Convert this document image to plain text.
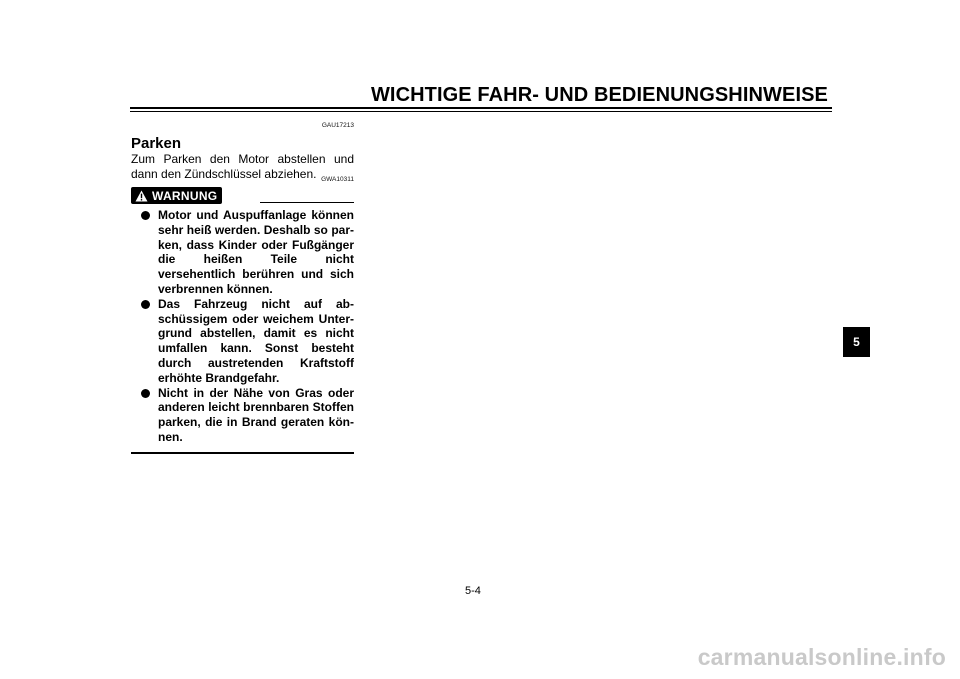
WICHTIGE FAHR- UND BEDIENUNGSHINWEISE
GAU17213
Parken
Zum Parken den Motor abstellen und dann den Zündschlüssel abziehen. GWA10311
WARNUNG
Motor und Auspuffanlage können sehr heiß werden. Deshalb so parken, dass Kinder oder Fußgänger die heißen Teile nicht versehentlich berühren und sich verbrennen können.
Das Fahrzeug nicht auf abschüssigem oder weichem Untergrund abstellen, damit es nicht umfallen kann. Sonst besteht durch austretenden Kraftstoff erhöhte Brandgefahr.
Nicht in der Nähe von Gras oder anderen leicht brennbaren Stoffen parken, die in Brand geraten können.
5
5-4
carmanualsonline.info
